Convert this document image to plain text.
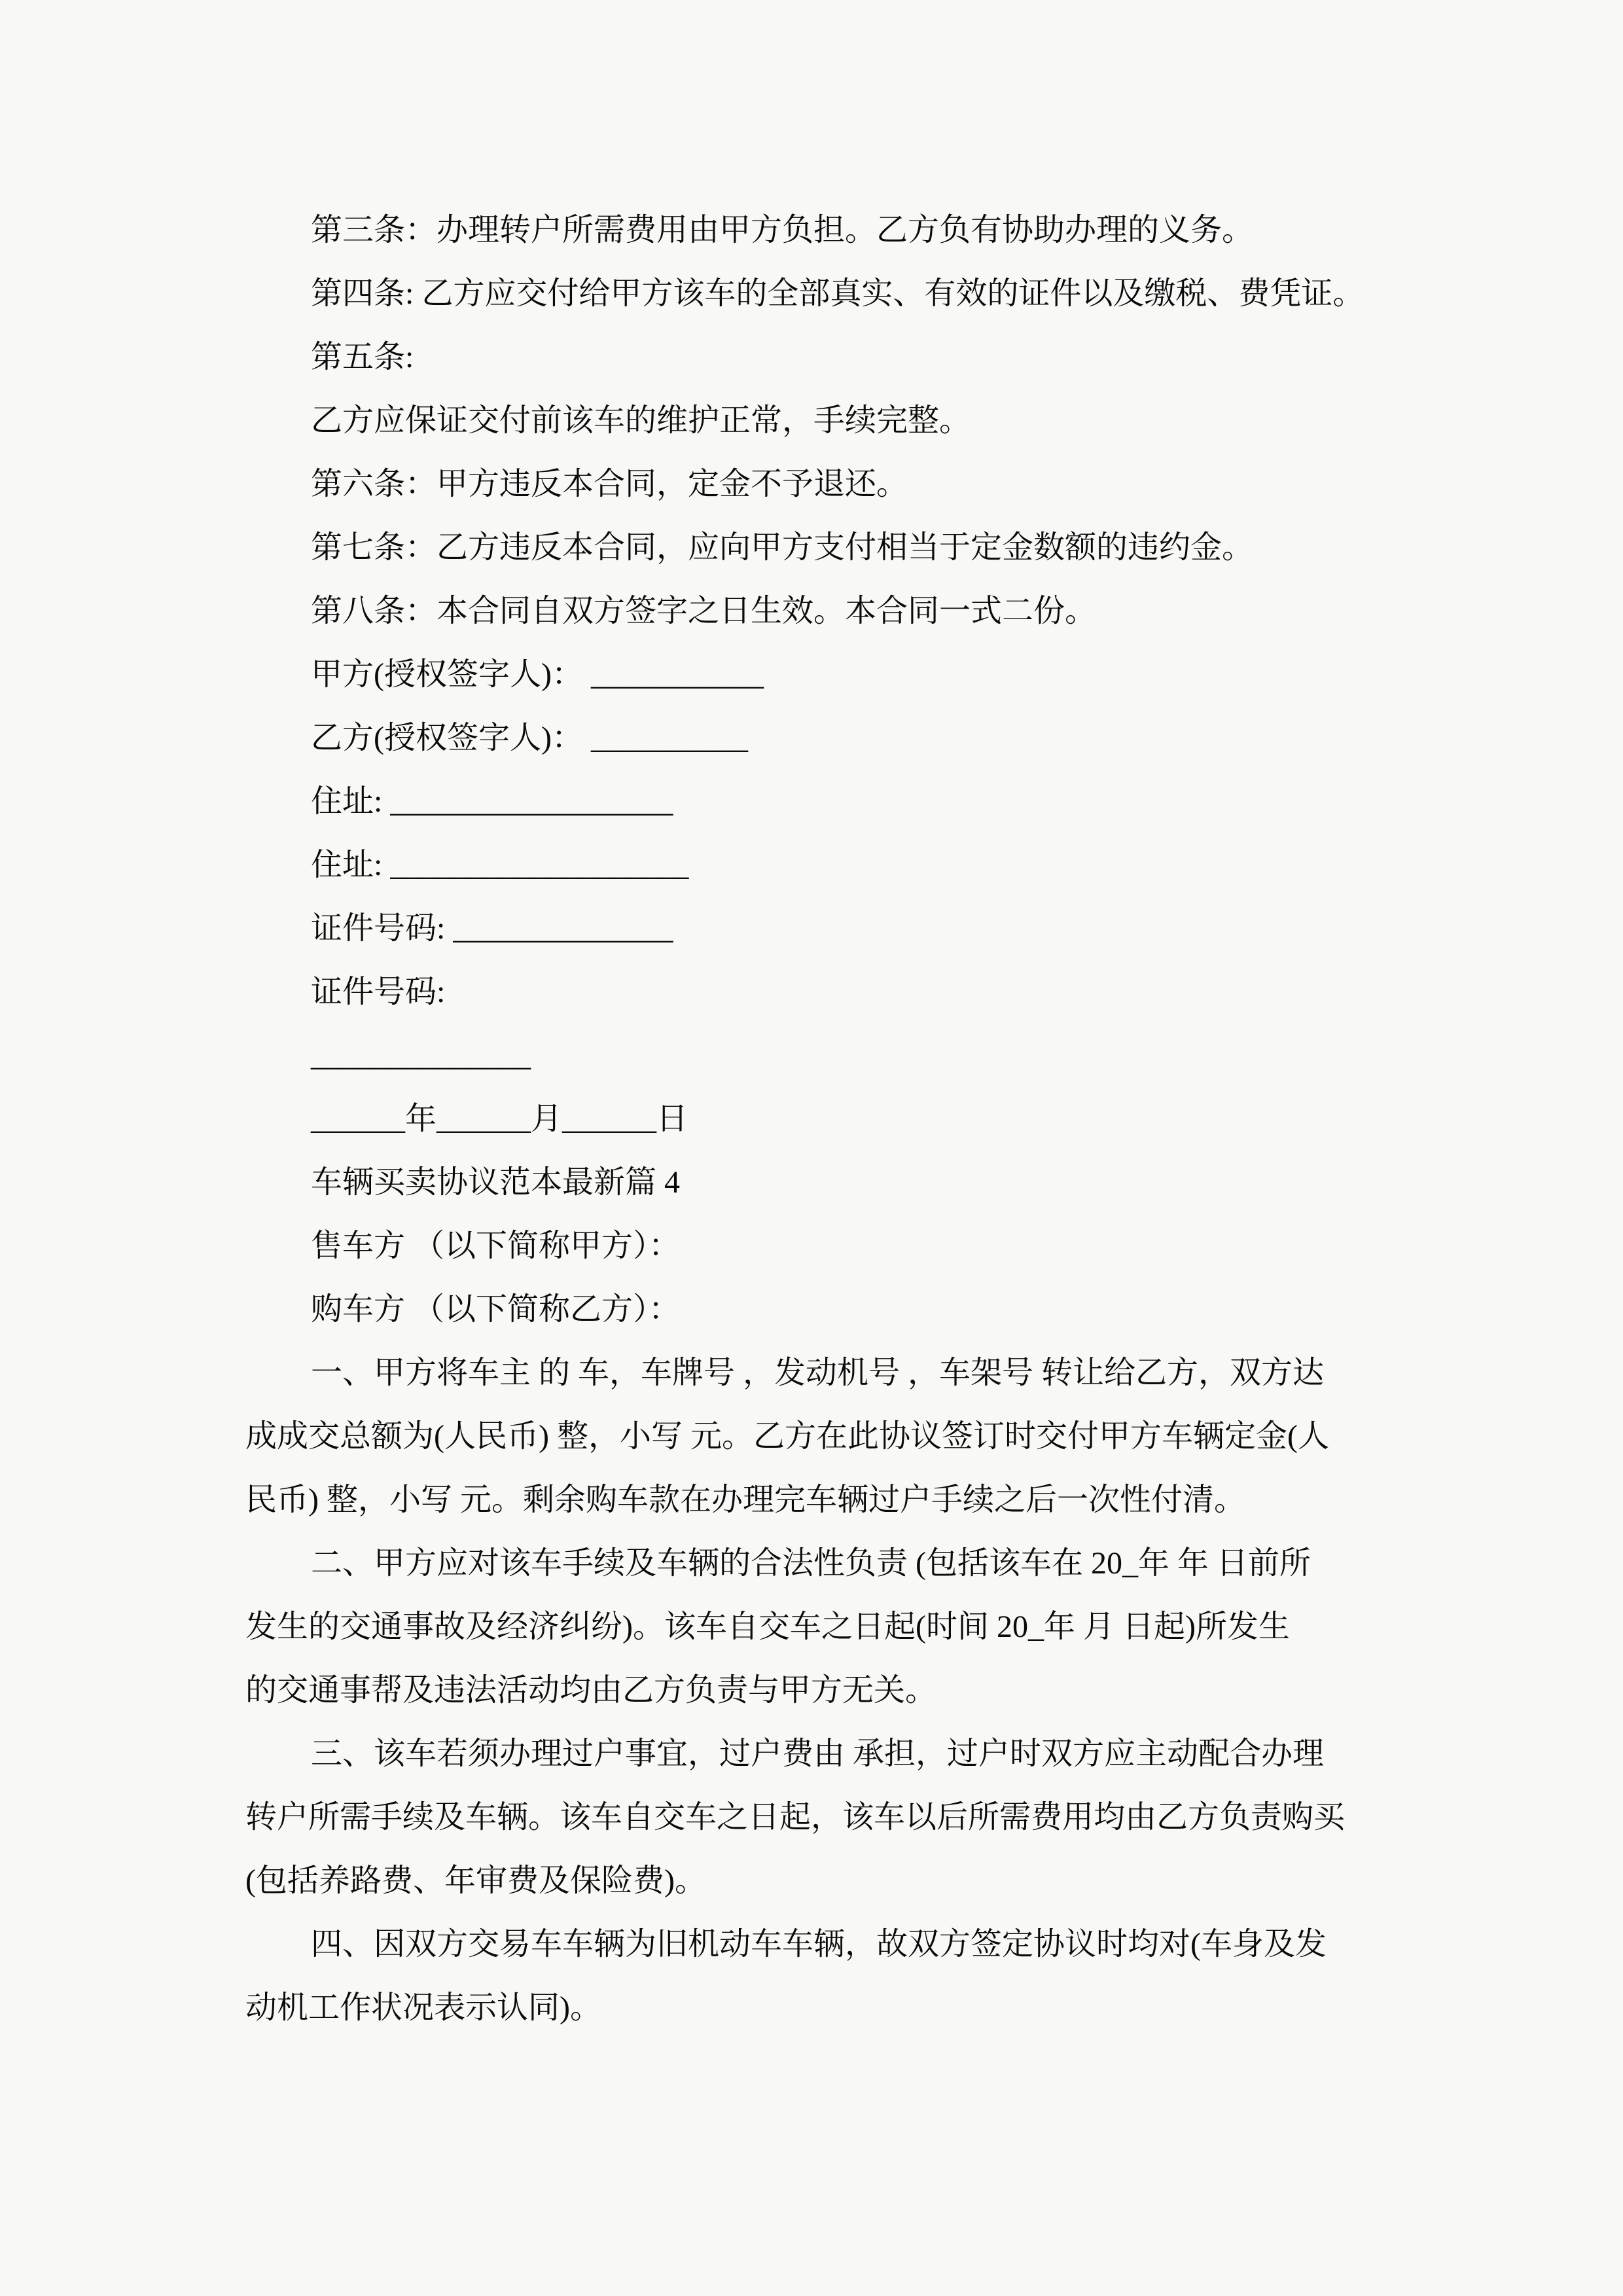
第三条：办理转户所需费用由甲方负担。乙方负有协助办理的义务。
第四条: 乙方应交付给甲方该车的全部真实、有效的证件以及缴税、费凭证。
第五条:
乙方应保证交付前该车的维护正常，手续完整。
第六条：甲方违反本合同，定金不予退还。
第七条：乙方违反本合同，应向甲方支付相当于定金数额的违约金。
第八条：本合同自双方签字之日生效。本合同一式二份。
甲方(授权签字人)： ___________
乙方(授权签字人)： __________
住址: __________________
住址: ___________________
证件号码: ______________
证件号码:
______________
______年______月______日
车辆买卖协议范本最新篇 4
售车方 （以下简称甲方）：
购车方 （以下简称乙方）：
一、甲方将车主 的 车，车牌号 ，发动机号 ，车架号 转让给乙方，双方达
成成交总额为(人民币) 整，小写 元。乙方在此协议签订时交付甲方车辆定金(人
民币) 整，小写 元。剩余购车款在办理完车辆过户手续之后一次性付清。
二、甲方应对该车手续及车辆的合法性负责 (包括该车在 20_年 年 日前所
发生的交通事故及经济纠纷)。该车自交车之日起(时间 20_年 月 日起)所发生
的交通事帮及违法活动均由乙方负责与甲方无关。
三、该车若须办理过户事宜，过户费由 承担，过户时双方应主动配合办理
转户所需手续及车辆。该车自交车之日起，该车以后所需费用均由乙方负责购买
(包括养路费、年审费及保险费)。
四、因双方交易车车辆为旧机动车车辆，故双方签定协议时均对(车身及发
动机工作状况表示认同)。
